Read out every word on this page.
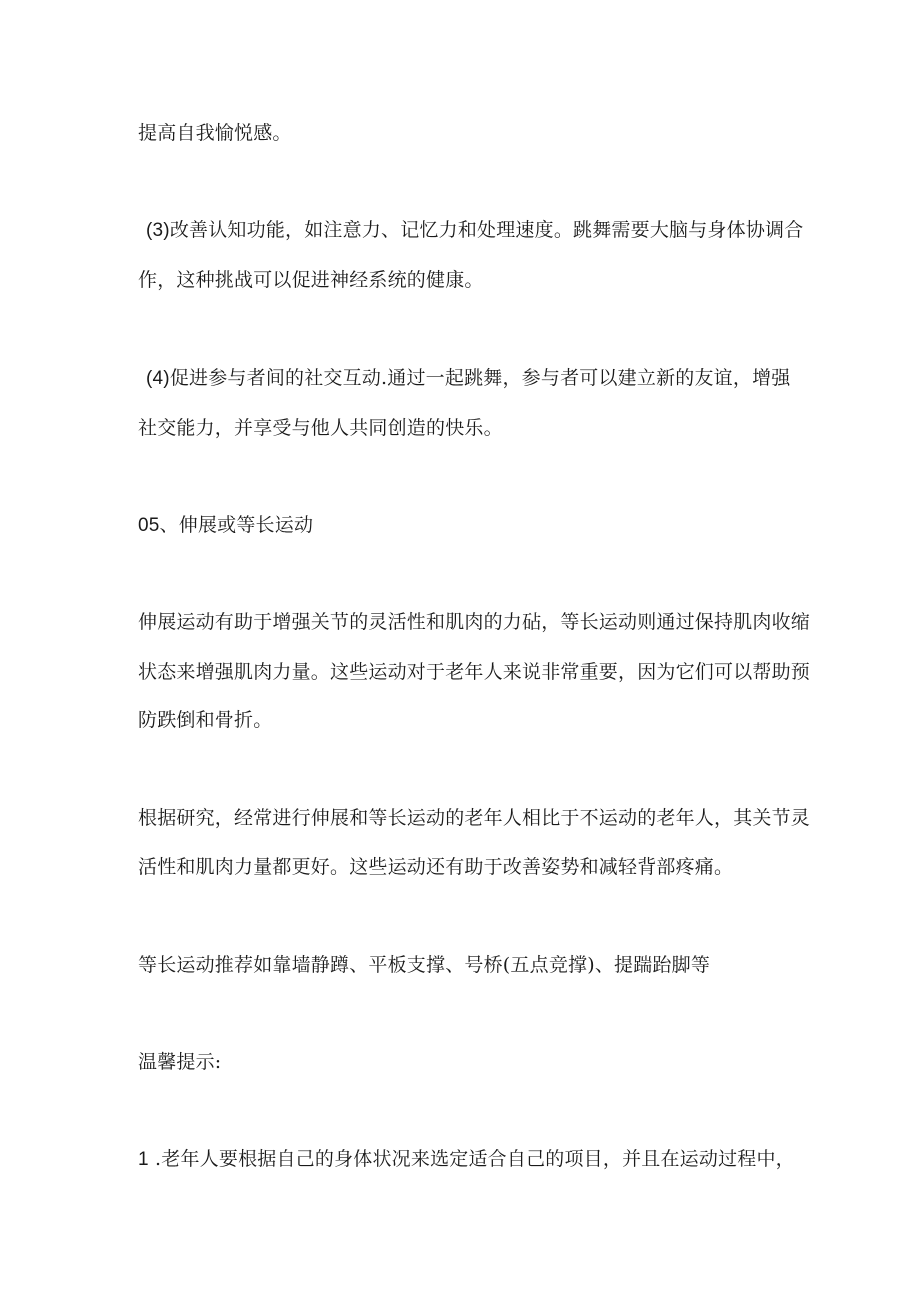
提高自我愉悦感。
(3)改善认知功能，如注意力、记忆力和处理速度。跳舞需要大脑与身体协调合
作，这种挑战可以促进神经系统的健康。
(4)促进参与者间的社交互动.通过一起跳舞，参与者可以建立新的友谊，增强
社交能力，并享受与他人共同创造的快乐。
05、伸展或等长运动
伸展运动有助于增强关节的灵活性和肌肉的力砧，等长运动则通过保持肌肉收缩
状态来增强肌肉力量。这些运动对于老年人来说非常重要，因为它们可以帮助预
防跌倒和骨折。
根据研究，经常进行伸展和等长运动的老年人相比于不运动的老年人，其关节灵
活性和肌肉力量都更好。这些运动还有助于改善姿势和减轻背部疼痛。
等长运动推荐如靠墙静蹲、平板支撑、号桥(五点竞撑)、提踹跆脚等
温馨提示:
1 .老年人要根据自己的身体状况来选定适合自己的项目，并且在运动过程中，
